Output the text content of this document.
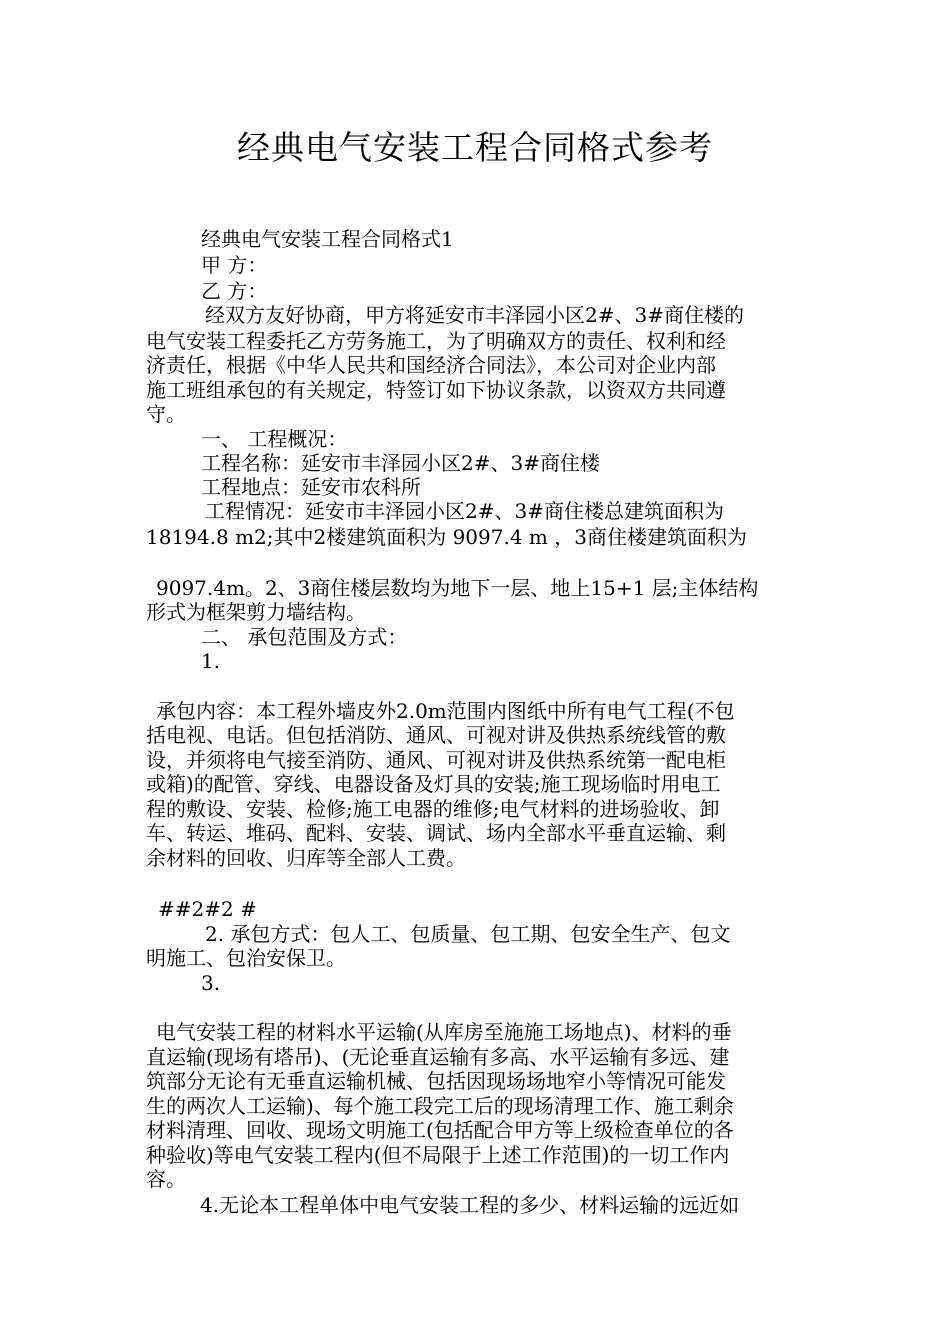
经典电气安装工程合同格式参考
经典电气安装工程合同格式1
甲 方：
乙 方：
经双方友好协商，甲方将延安市丰泽园小区2#、3#商住楼的
电气安装工程委托乙方劳务施工，为了明确双方的责任、权利和经
济责任，根据《中华人民共和国经济合同法》，本公司对企业内部
施工班组承包的有关规定，特签订如下协议条款，以资双方共同遵
守。
一、 工程概况：
工程名称：延安市丰泽园小区2#、3#商住楼
工程地点：延安市农科所
工程情况：延安市丰泽园小区2#、3#商住楼总建筑面积为
18194.8 m2;其中2楼建筑面积为 9097.4 m ，3商住楼建筑面积为
9097.4m。2、3商住楼层数均为地下一层、地上15+1 层;主体结构
形式为框架剪力墙结构。
二、 承包范围及方式：
1.
承包内容：本工程外墙皮外2.0m范围内图纸中所有电气工程(不包
括电视、电话。但包括消防、通风、可视对讲及供热系统线管的敷
设，并须将电气接至消防、通风、可视对讲及供热系统第一配电柜
或箱)的配管、穿线、电器设备及灯具的安装;施工现场临时用电工
程的敷设、安装、检修;施工电器的维修;电气材料的进场验收、卸
车、转运、堆码、配料、安装、调试、场内全部水平垂直运输、剩
余材料的回收、归库等全部人工费。
##2#2 #
2. 承包方式：包人工、包质量、包工期、包安全生产、包文
明施工、包治安保卫。
3.
电气安装工程的材料水平运输(从库房至施施工场地点)、材料的垂
直运输(现场有塔吊)、(无论垂直运输有多高、水平运输有多远、建
筑部分无论有无垂直运输机械、包括因现场场地窄小等情况可能发
生的两次人工运输)、每个施工段完工后的现场清理工作、施工剩余
材料清理、回收、现场文明施工(包括配合甲方等上级检查单位的各
种验收)等电气安装工程内(但不局限于上述工作范围)的一切工作内
容。
4.无论本工程单体中电气安装工程的多少、材料运输的远近如
